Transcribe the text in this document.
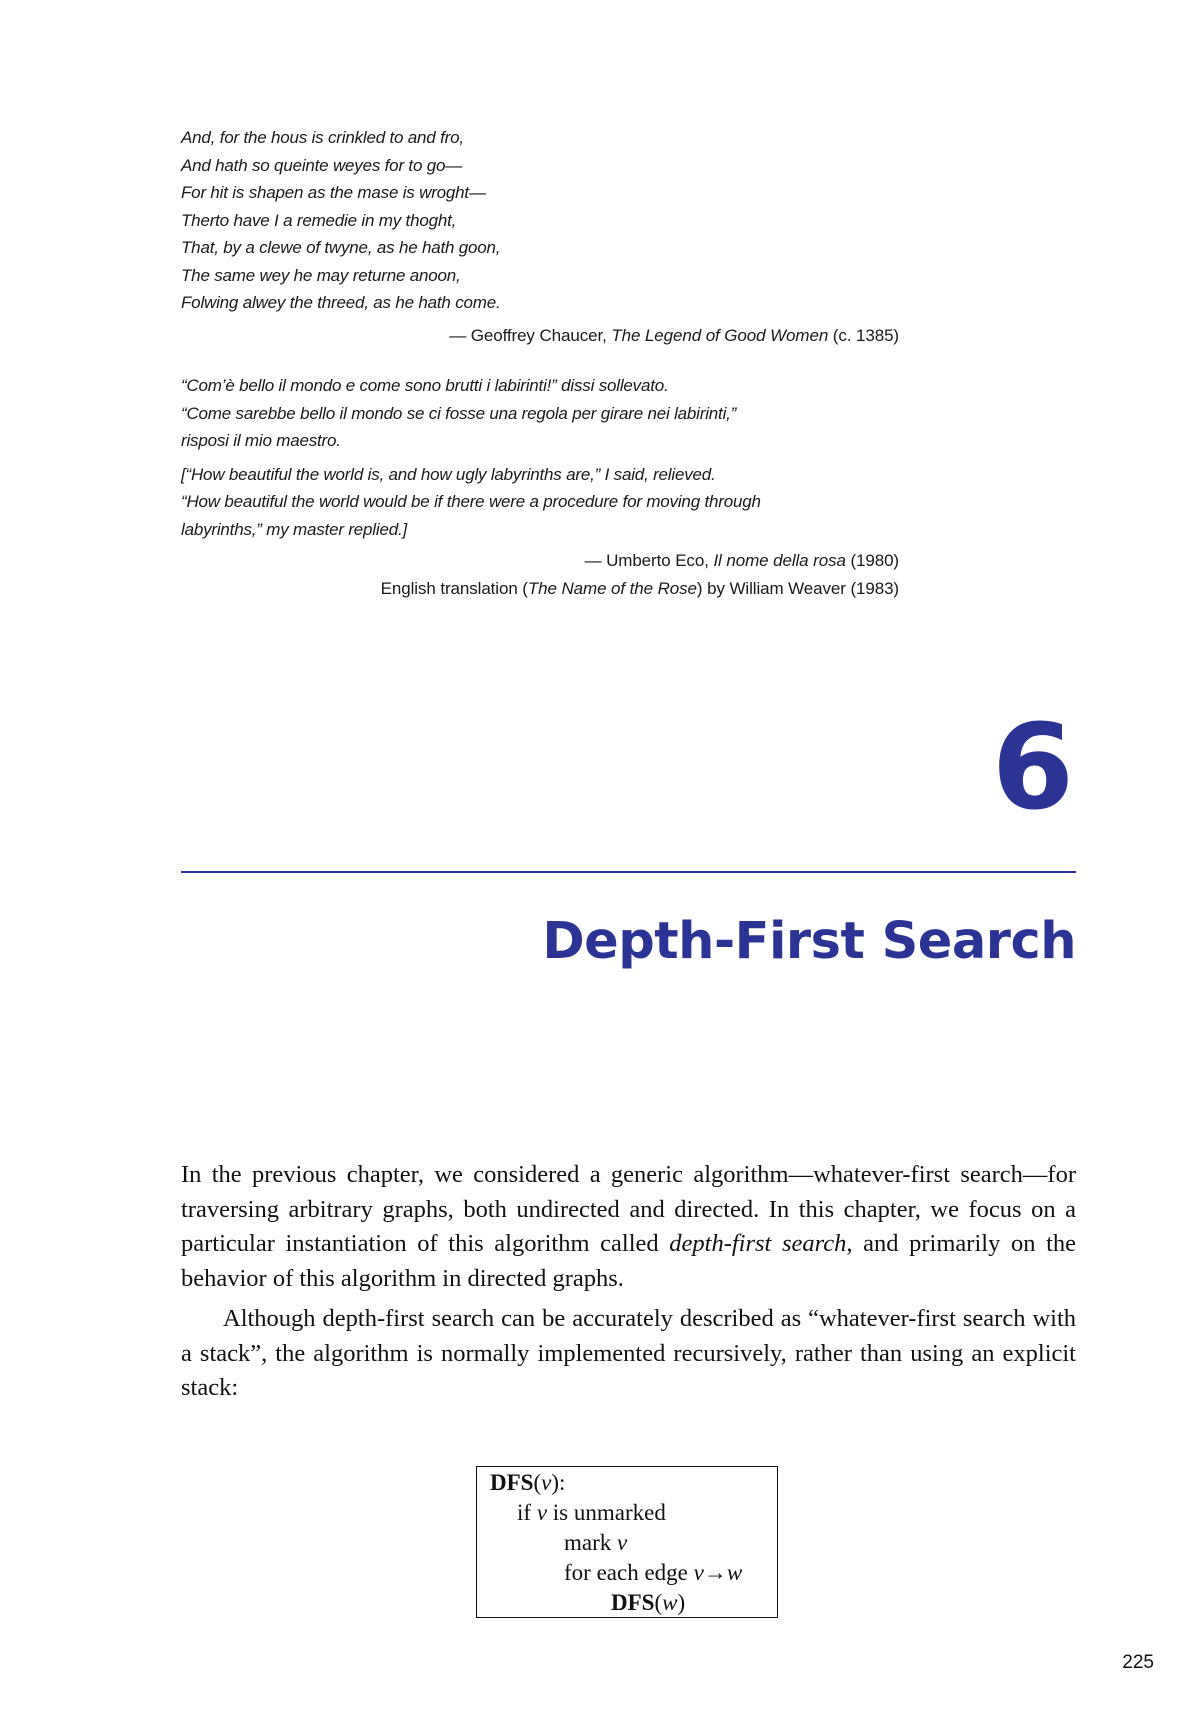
And, for the hous is crinkled to and fro,
And hath so queinte weyes for to go—
For hit is shapen as the mase is wroght—
Therto have I a remedie in my thoght,
That, by a clewe of twyne, as he hath goon,
The same wey he may returne anoon,
Folwing alwey the threed, as he hath come.
— Geoffrey Chaucer, The Legend of Good Women (c. 1385)
“Com’è bello il mondo e come sono brutti i labirinti!” dissi sollevato.
“Come sarebbe bello il mondo se ci fosse una regola per girare nei labirinti,”
risposi il mio maestro.
[“How beautiful the world is, and how ugly labyrinths are,” I said, relieved.
“How beautiful the world would be if there were a procedure for moving through
labyrinths,” my master replied.]
— Umberto Eco, Il nome della rosa (1980)
English translation (The Name of the Rose) by William Weaver (1983)
6
Depth-First Search

In the previous chapter, we considered a generic algorithm—whatever-first search—for traversing arbitrary graphs, both undirected and directed. In this chapter, we focus on a particular instantiation of this algorithm called depth-first search, and primarily on the behavior of this algorithm in directed graphs.

Although depth-first search can be accurately described as “whatever-first search with a stack”, the algorithm is normally implemented recursively, rather than using an explicit stack:

DFS(v):
if v is unmarked
mark v
for each edge v→w
DFS(w)
225
